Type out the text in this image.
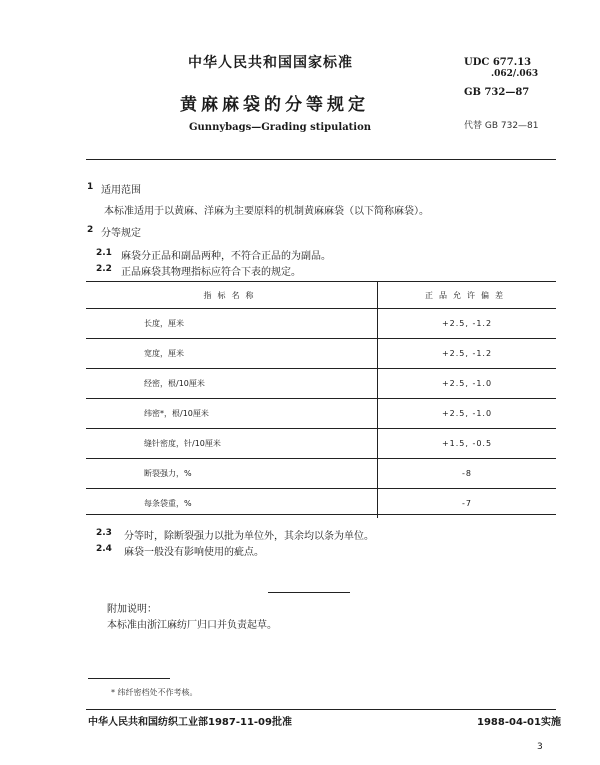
中华人民共和国国家标准
黄麻麻袋的分等规定
Gunnybags—Grading stipulation
UDC 677.13
.062/.063
GB 732—87
代替 GB 732—81
1 适用范围
本标准适用于以黄麻、洋麻为主要原料的机制黄麻麻袋（以下简称麻袋）。
2 分等规定
2.1 麻袋分正品和副品两种，不符合正品的为副品。
2.2 正品麻袋其物理指标应符合下表的规定。
指标名称	正品允许偏差
长度，厘米	+2.5, -1.2
宽度，厘米	+2.5, -1.2
经密，根/10厘米	+2.5, -1.0
纬密*，根/10厘米	+2.5, -1.0
缝针密度，针/10厘米	+1.5, -0.5
断裂强力，%	-8
每条袋重，%	-7
2.3 分等时，除断裂强力以批为单位外，其余均以条为单位。
2.4 麻袋一般没有影响使用的疵点。
附加说明：
本标准由浙江麻纺厂归口并负责起草。
* 纬纤密档处不作考核。
中华人民共和国纺织工业部1987-11-09批准	1988-04-01实施
3
